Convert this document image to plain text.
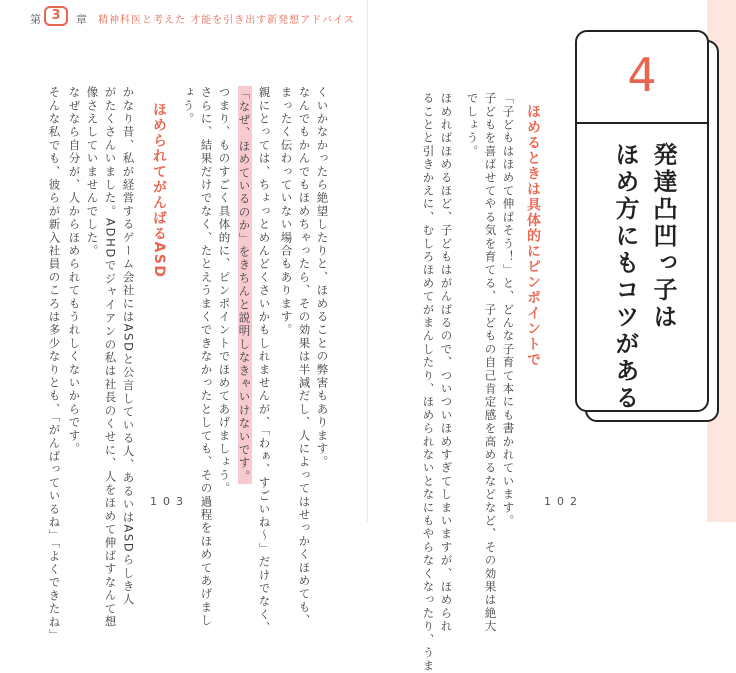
第 3	章 精神科医と考えた 才能を引き出す新発想アドバイス
4
発達凸凹っ子は
ほめ方にもコツがある
「子どもはほめて伸ばそう！」と、どんな子育て本にも書かれています。
子どもを喜ばせてやる気を育てる、子どもの自己肯定感を高めるなどなど、その効果は絶大
でしょう。	ほめるときは具体的にピンポイントで
ほめればほめるほど、子どもはがんばるので、ついついほめすぎてしまいますが、ほめられ
ることと引きかえに、むしろほめてがまんしたり、ほめられないとなにもやらなくなったり、うま	102
くいかなかったら絶望したりと、ほめることの弊害もあります。
なんでもかんでもほめちゃったら、その効果は半減だし、人によってはせっかくほめても、
まったく伝わっていない場合もあります。
親にとっては、ちょっとめんどくさいかもしれませんが、「わぁ、すごいね～」だけでなく、
「なぜ、ほめているのか」をきちんと説明しなきゃいけないです。
つまり、ものすごく具体的に、ピンポイントでほめてあげましょう。
さらに、結果だけでなく、たとえうまくできなかったとしても、その過程をほめてあげまし
ょう。
ほめられてがんばるASD
かなり昔、私が経営するゲーム会社にはASDと公言している人、あるいはASDらしき人
がたくさんいました。ADHDでジャイアンの私は社長のくせに、人をほめて伸ばすなんて想
像さえしていませんでした。
なぜなら自分が、人からほめられてもうれしくないからです。
そんな私でも、彼らが新入社員のころは多少なりとも、「がんばっているね」「よくできたね」	103
